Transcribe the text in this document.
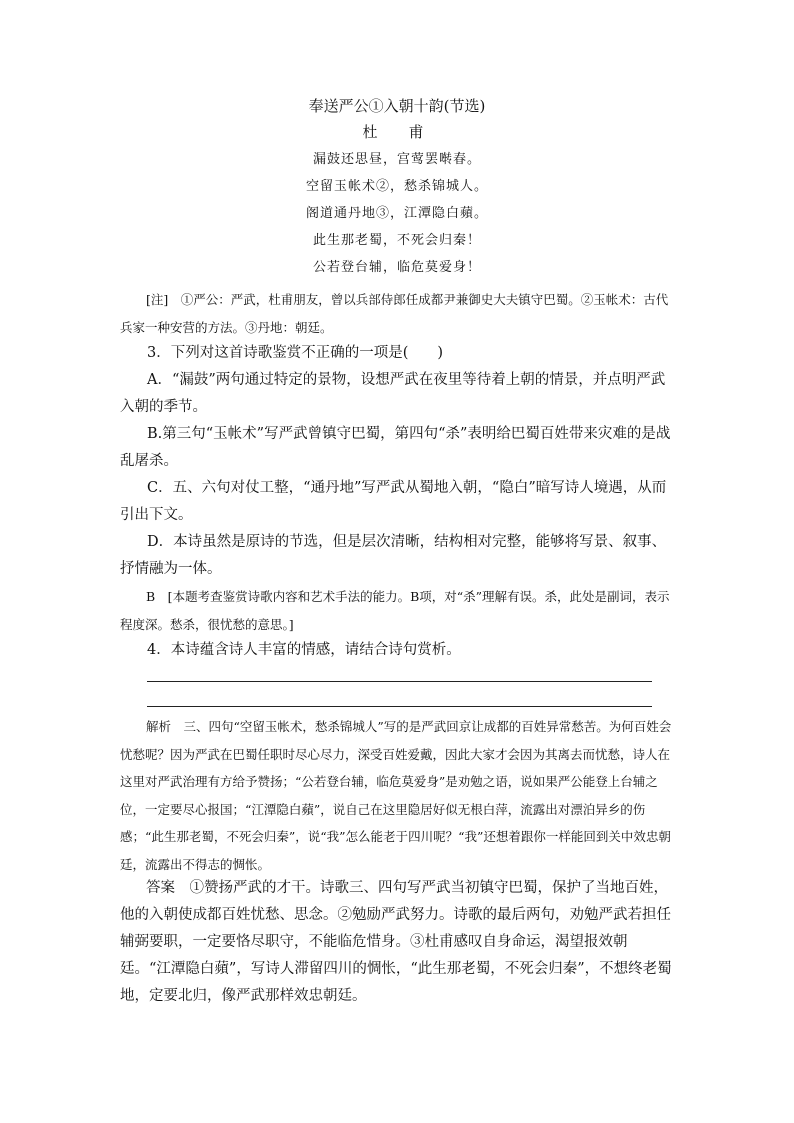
奉送严公①入朝十韵(节选)
杜　甫
漏鼓还思昼，宫莺罢啭春。
空留玉帐术②，愁杀锦城人。
阁道通丹地③，江潭隐白蘋。
此生那老蜀，不死会归秦！
公若登台辅，临危莫爱身！
[注]　①严公：严武，杜甫朋友，曾以兵部侍郎任成都尹兼御史大夫镇守巴蜀。②玉帐术：古代兵家一种安营的方法。③丹地：朝廷。
3．下列对这首诗歌鉴赏不正确的一项是(　　)
A．“漏鼓”两句通过特定的景物，设想严武在夜里等待着上朝的情景，并点明严武入朝的季节。
B.第三句“玉帐术”写严武曾镇守巴蜀，第四句“杀”表明给巴蜀百姓带来灾难的是战乱屠杀。
C．五、六句对仗工整，“通丹地”写严武从蜀地入朝，“隐白”暗写诗人境遇，从而引出下文。
D．本诗虽然是原诗的节选，但是层次清晰，结构相对完整，能够将写景、叙事、抒情融为一体。
B　[本题考查鉴赏诗歌内容和艺术手法的能力。B项，对“杀”理解有误。杀，此处是副词，表示程度深。愁杀，很忧愁的意思。]
4．本诗蕴含诗人丰富的情感，请结合诗句赏析。
解析　三、四句“空留玉帐术，愁杀锦城人”写的是严武回京让成都的百姓异常愁苦。为何百姓会忧愁呢？因为严武在巴蜀任职时尽心尽力，深受百姓爱戴，因此大家才会因为其离去而忧愁，诗人在这里对严武治理有方给予赞扬；“公若登台辅，临危莫爱身”是劝勉之语，说如果严公能登上台辅之位，一定要尽心报国；“江潭隐白蘋”，说自己在这里隐居好似无根白萍，流露出对漂泊异乡的伤感；“此生那老蜀，不死会归秦”，说“我”怎么能老于四川呢？“我”还想着跟你一样能回到关中效忠朝廷，流露出不得志的惆怅。
答案　①赞扬严武的才干。诗歌三、四句写严武当初镇守巴蜀，保护了当地百姓，他的入朝使成都百姓忧愁、思念。②勉励严武努力。诗歌的最后两句，劝勉严武若担任辅弼要职，一定要恪尽职守，不能临危惜身。③杜甫感叹自身命运，渴望报效朝廷。“江潭隐白蘋”，写诗人滞留四川的惆怅，“此生那老蜀，不死会归秦”，不想终老蜀地，定要北归，像严武那样效忠朝廷。
